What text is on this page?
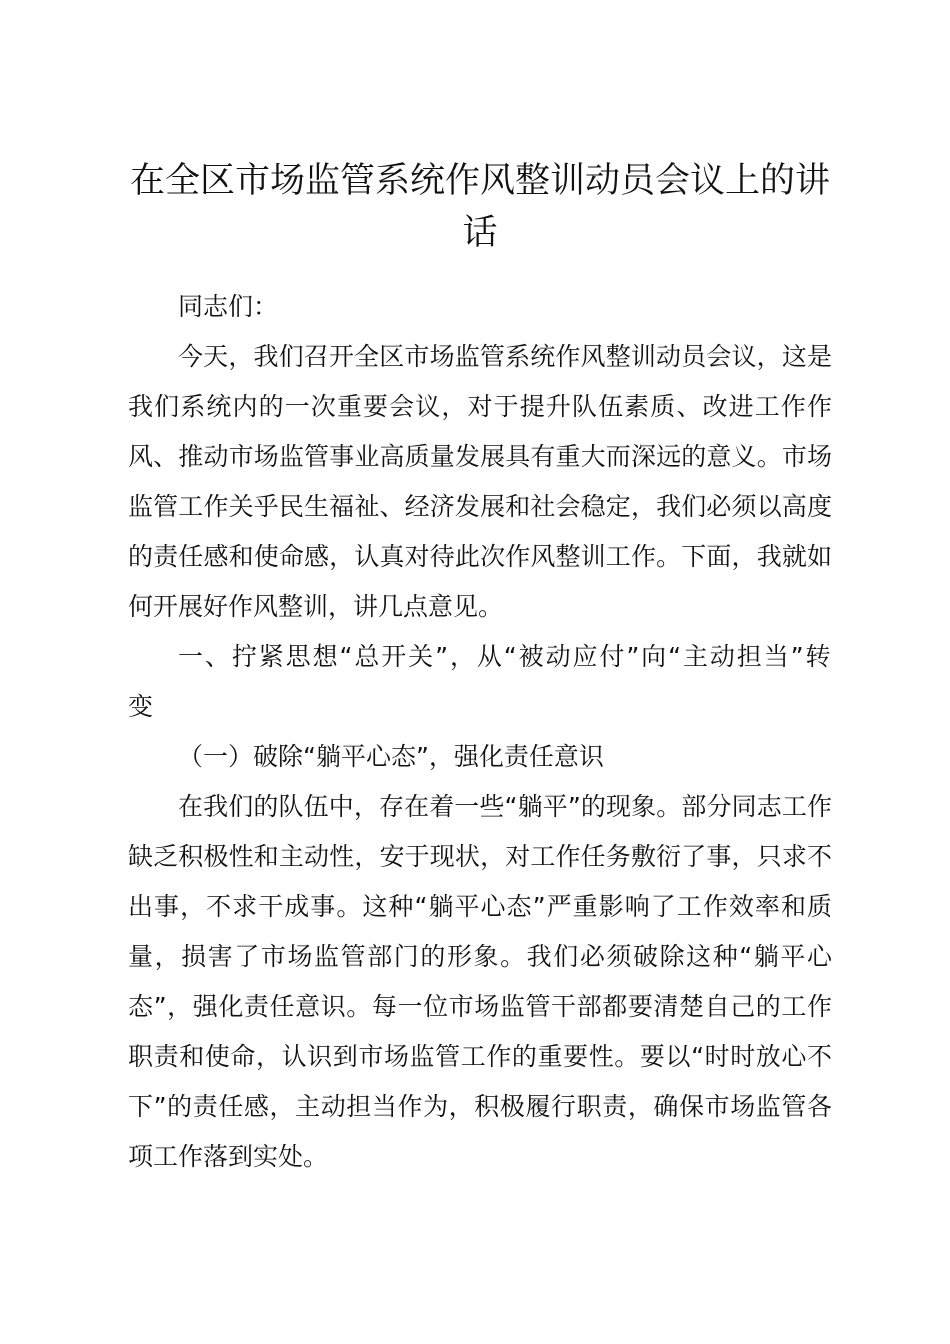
在全区市场监管系统作风整训动员会议上的讲话

同志们：

今天，我们召开全区市场监管系统作风整训动员会议，这是我们系统内的一次重要会议，对于提升队伍素质、改进工作作风、推动市场监管事业高质量发展具有重大而深远的意义。市场监管工作关乎民生福祉、经济发展和社会稳定，我们必须以高度的责任感和使命感，认真对待此次作风整训工作。下面，我就如何开展好作风整训，讲几点意见。

一、拧紧思想“总开关”，从“被动应付”向“主动担当”转变

（一）破除“躺平心态”，强化责任意识

在我们的队伍中，存在着一些“躺平”的现象。部分同志工作缺乏积极性和主动性，安于现状，对工作任务敷衍了事，只求不出事，不求干成事。这种“躺平心态”严重影响了工作效率和质量，损害了市场监管部门的形象。我们必须破除这种“躺平心态”，强化责任意识。每一位市场监管干部都要清楚自己的工作职责和使命，认识到市场监管工作的重要性。要以“时时放心不下”的责任感，主动担当作为，积极履行职责，确保市场监管各项工作落到实处。
